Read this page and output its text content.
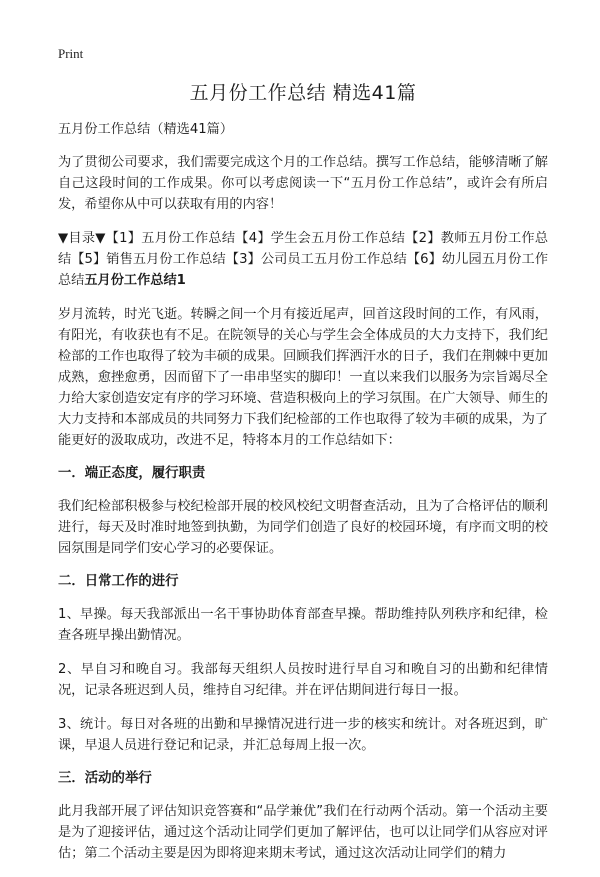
Print
五月份工作总结 精选41篇

五月份工作总结（精选41篇）

为了贯彻公司要求，我们需要完成这个月的工作总结。撰写工作总结，能够清晰了解自己这段时间的工作成果。你可以考虑阅读一下“五月份工作总结”，或许会有所启发，希望你从中可以获取有用的内容！

▼目录▼【1】五月份工作总结【4】学生会五月份工作总结【2】教师五月份工作总结【5】销售五月份工作总结【3】公司员工五月份工作总结【6】幼儿园五月份工作总结五月份工作总结1

岁月流转，时光飞逝。转瞬之间一个月有接近尾声，回首这段时间的工作，有风雨，有阳光，有收获也有不足。在院领导的关心与学生会全体成员的大力支持下，我们纪检部的工作也取得了较为丰硕的成果。回顾我们挥洒汗水的日子，我们在荆棘中更加成熟，愈挫愈勇，因而留下了一串串坚实的脚印！一直以来我们以服务为宗旨竭尽全力给大家创造安定有序的学习环境、营造积极向上的学习氛围。在广大领导、师生的大力支持和本部成员的共同努力下我们纪检部的工作也取得了较为丰硕的成果，为了能更好的汲取成功，改进不足，特将本月的工作总结如下：

一．端正态度，履行职责

我们纪检部积极参与校纪检部开展的校风校纪文明督查活动，且为了合格评估的顺利进行，每天及时准时地签到执勤，为同学们创造了良好的校园环境，有序而文明的校园氛围是同学们安心学习的必要保证。

二．日常工作的进行

1、早操。每天我部派出一名干事协助体育部查早操。帮助维持队列秩序和纪律，检查各班早操出勤情况。

2、早自习和晚自习。我部每天组织人员按时进行早自习和晚自习的出勤和纪律情况，记录各班迟到人员，维持自习纪律。并在评估期间进行每日一报。

3、统计。每日对各班的出勤和早操情况进行进一步的核实和统计。对各班迟到，旷课，早退人员进行登记和记录，并汇总每周上报一次。

三．活动的举行

此月我部开展了评估知识竞答赛和“品学兼优”我们在行动两个活动。第一个活动主要是为了迎接评估，通过这个活动让同学们更加了解评估，也可以让同学们从容应对评估；第二个活动主要是因为即将迎来期末考试，通过这次活动让同学们的精力
